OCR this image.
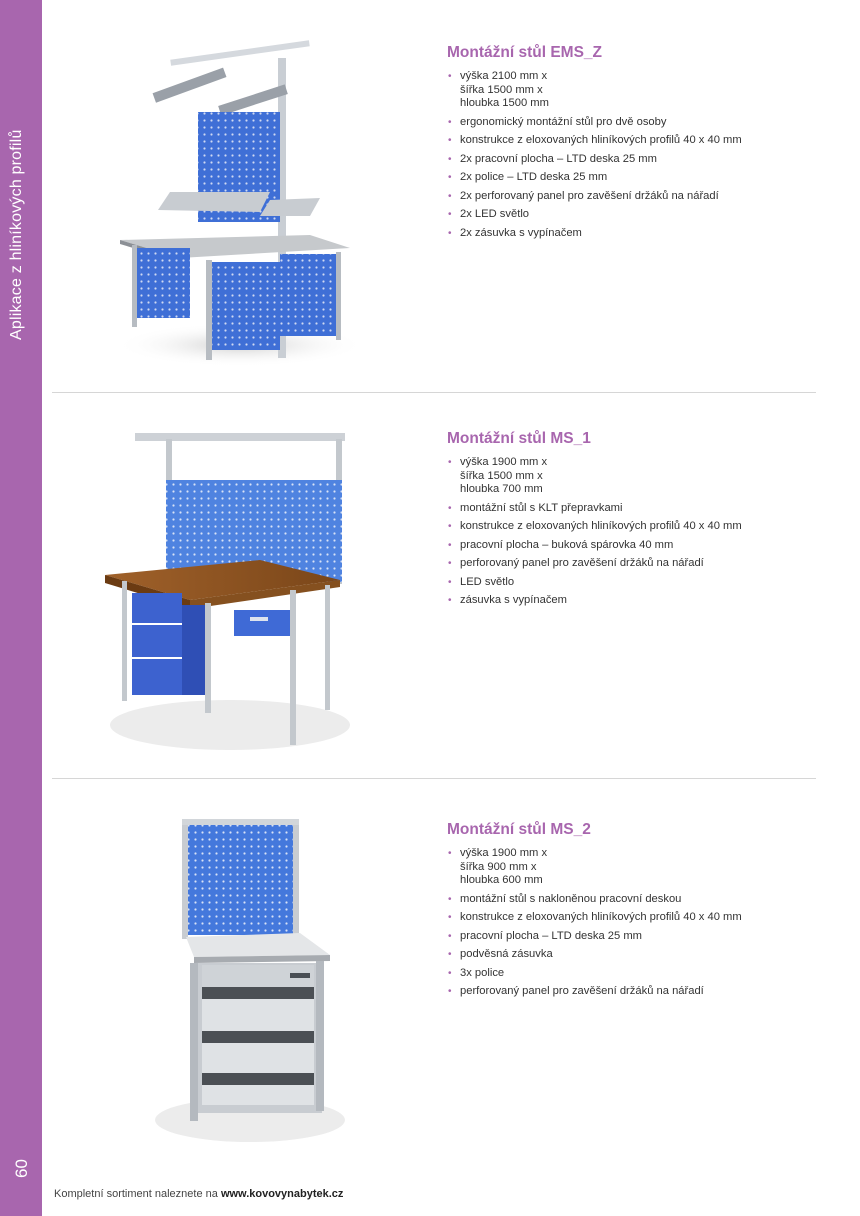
Aplikace z hliníkových profilů
60
Montážní stůl EMS_Z
• výška 2100 mm x
šířka 1500 mm x
hloubka 1500 mm
• ergonomický montážní stůl pro dvě osoby
• konstrukce z eloxovaných hliníkových profilů 40 x 40 mm
• 2x pracovní plocha – LTD deska 25 mm
• 2x police – LTD deska 25 mm
• 2x perforovaný panel pro zavěšení držáků na nářadí
• 2x LED světlo
• 2x zásuvka s vypínačem
Montážní stůl MS_1
• výška 1900 mm x
šířka 1500 mm x
hloubka 700 mm
• montážní stůl s KLT přepravkami
• konstrukce z eloxovaných hliníkových profilů 40 x 40 mm
• pracovní plocha – buková spárovka 40 mm
• perforovaný panel pro zavěšení držáků na nářadí
• LED světlo
• zásuvka s vypínačem
Montážní stůl MS_2
• výška 1900 mm x
šířka 900 mm x
hloubka 600 mm
• montážní stůl s nakloněnou pracovní deskou
• konstrukce z eloxovaných hliníkových profilů 40 x 40 mm
• pracovní plocha – LTD deska 25 mm
• podvěsná zásuvka
• 3x police
• perforovaný panel pro zavěšení držáků na nářadí
Kompletní sortiment naleznete na www.kovovynabytek.cz
